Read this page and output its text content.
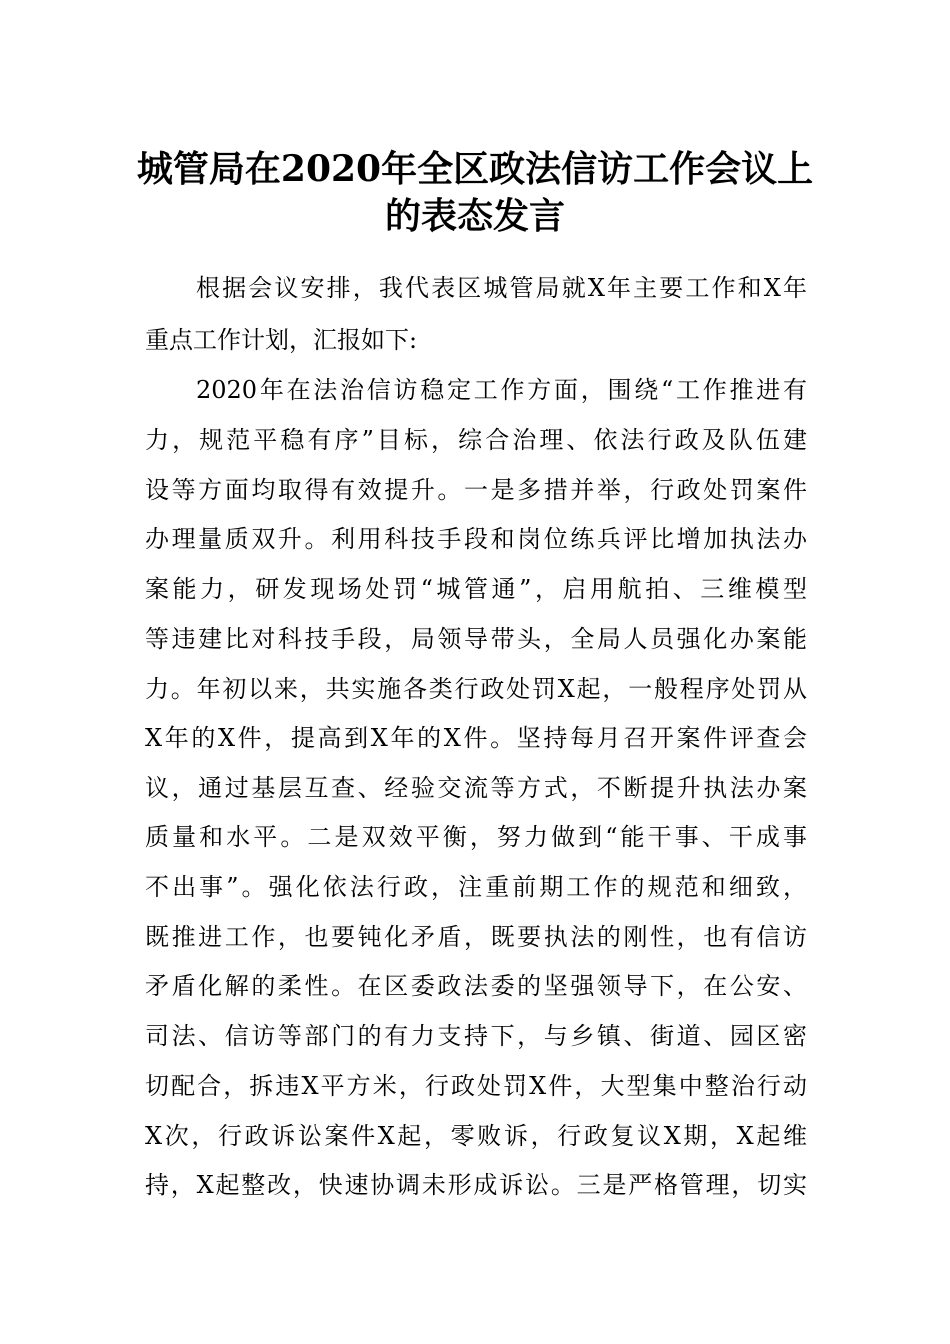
城管局在2020年全区政法信访工作会议上
的表态发言
根据会议安排，我代表区城管局就X年主要工作和X年
重点工作计划，汇报如下:
2020年在法治信访稳定工作方面，围绕“工作推进有
力，规范平稳有序”目标，综合治理、依法行政及队伍建
设等方面均取得有效提升。一是多措并举，行政处罚案件
办理量质双升。利用科技手段和岗位练兵评比增加执法办
案能力，研发现场处罚“城管通”，启用航拍、三维模型
等违建比对科技手段，局领导带头，全局人员强化办案能
力。年初以来，共实施各类行政处罚X起，一般程序处罚从
X年的X件，提高到X年的X件。坚持每月召开案件评查会
议，通过基层互查、经验交流等方式，不断提升执法办案
质量和水平。二是双效平衡，努力做到“能干事、干成事
不出事”。强化依法行政，注重前期工作的规范和细致，
既推进工作，也要钝化矛盾，既要执法的刚性，也有信访
矛盾化解的柔性。在区委政法委的坚强领导下，在公安、
司法、信访等部门的有力支持下，与乡镇、街道、园区密
切配合，拆违X平方米，行政处罚X件，大型集中整治行动
X次，行政诉讼案件X起，零败诉，行政复议X期，X起维
持，X起整改，快速协调未形成诉讼。三是严格管理，切实
